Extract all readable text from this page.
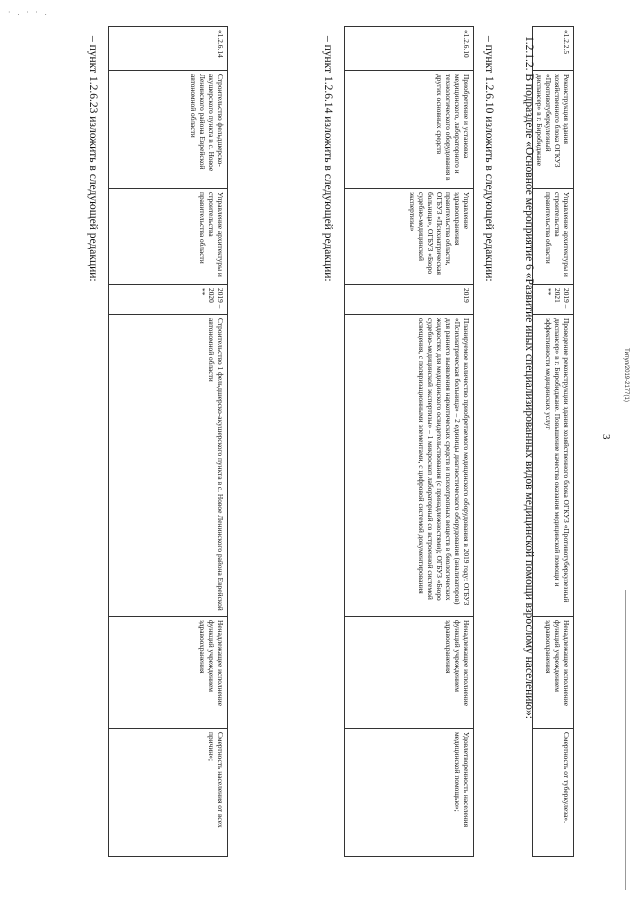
· . · · .
Титул/2019-2177(1)
3
«1.2.2.5	Реконструкция здания хозяйственного блока ОГКУЗ «Противотуберкулезный диспансер» в г. Биробиджане	Управление архитектуры и строительства правительства области	2019 – 2021 **	Проведение реконструкции здания хозяйственного блока ОГКУЗ «Противотуберкулезный диспансер» в г. Биробиджане. Повышение качества оказания медицинской помощи и эффективности медицинских услуг	Ненадлежащее исполнение функций учреждением здравоохранения	Смертность от туберкулеза».
1.2.1.2. В подразделе «Основное мероприятие 6 «Развитие иных специализированных видов медицинской помощи взрослому населению»:
– пункт 1.2.6.10 изложить в следующей редакции:
«1.2.6.10	Приобретение и установка медицинского, лабораторного и технологического оборудования в других основных средств	Управление здравоохранения правительства области, ОГБУЗ «Психиатрическая больница», ОГБУЗ «Бюро судебно-медицинской экспертизы»	2019	Планируемое количество приобретаемого медицинского оборудования в 2019 году: ОГБУЗ «Психиатрическая больница» – 2 единицы диагностического оборудования (анализаторов) для раннего выявления наркотических средств и психотропных веществ в биологических жидкостях для медицинского освидетельствования (с принадлежностями); ОГБУЗ «Бюро судебно-медицинской экспертизы» – 1 микроскоп лабораторный со встроенной системой освещения, с поляризационными элементами, с цифровой системой документирования	Ненадлежащее исполнение функций учреждением здравоохранения	Удовлетворенность населения медицинской помощью»;
– пункт 1.2.6.14 изложить в следующей редакции:
«1.2.6.14	Строительство фельдшерско-акушерского пункта в с. Новое Ленинского района Еврейской автономной области	Управление архитектуры и строительства правительства области	2019 – 2020 **	Строительство 1 фельдшерско-акушерского пункта в с. Новое Ленинского района Еврейской автономной области	Ненадлежащее исполнение функций учреждением здравоохранения	Смертность населения от всех причин»;
– пункт 1.2.6.23 изложить в следующей редакции:
